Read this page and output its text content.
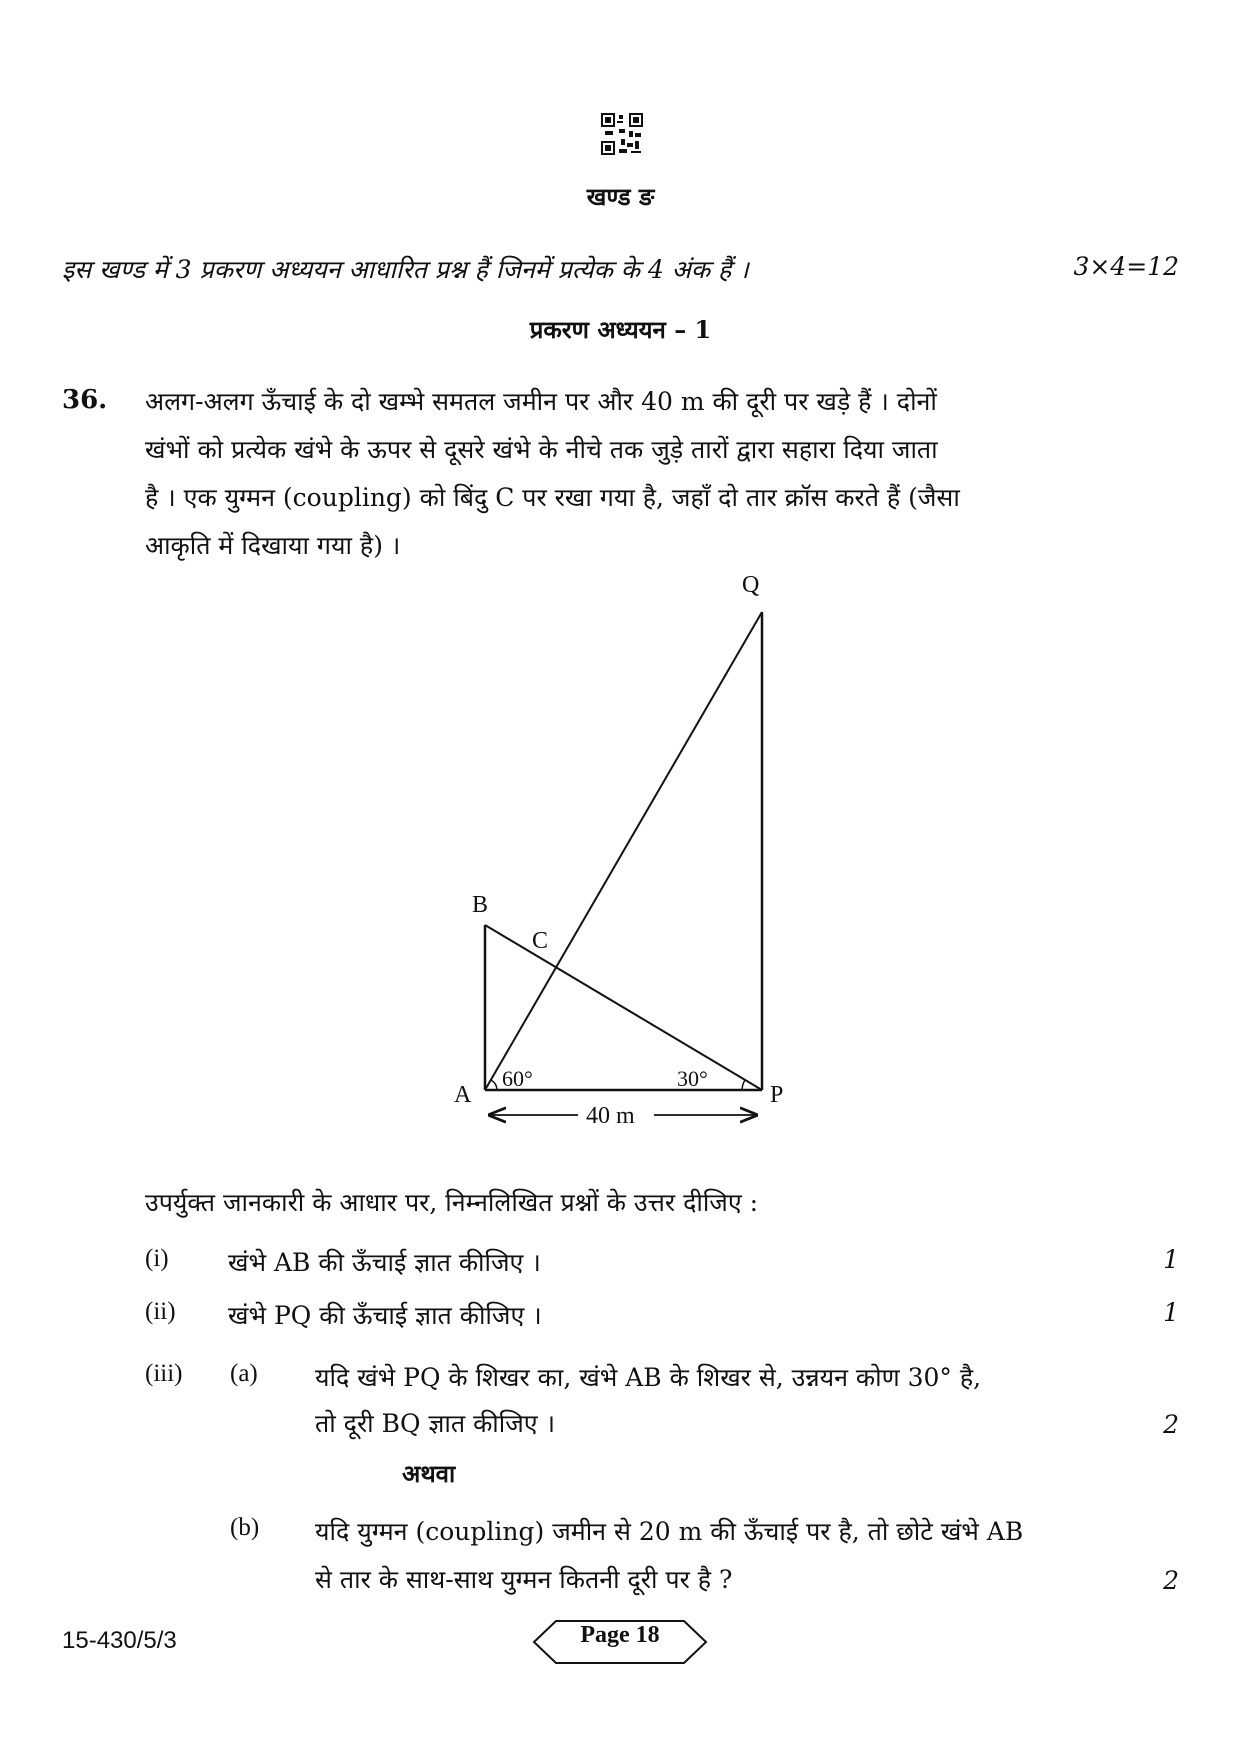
खण्ड ङ
इस खण्ड में 3 प्रकरण अध्ययन आधारित प्रश्न हैं जिनमें प्रत्येक के 4 अंक हैं ।	3×4=12
प्रकरण अध्ययन – 1
36. अलग-अलग ऊँचाई के दो खम्भे समतल जमीन पर और 40 m की दूरी पर खड़े हैं । दोनों
खंभों को प्रत्येक खंभे के ऊपर से दूसरे खंभे के नीचे तक जुड़े तारों द्वारा सहारा दिया जाता
है । एक युग्मन (coupling) को बिंदु C पर रखा गया है, जहाँ दो तार क्रॉस करते हैं (जैसा
आकृति में दिखाया गया है) ।
Q
B
C
A	P
60°	30°
40 m
उपर्युक्त जानकारी के आधार पर, निम्नलिखित प्रश्नों के उत्तर दीजिए :
(i) खंभे AB की ऊँचाई ज्ञात कीजिए ।	1
(ii) खंभे PQ की ऊँचाई ज्ञात कीजिए ।	1
(iii) (a) यदि खंभे PQ के शिखर का, खंभे AB के शिखर से, उन्नयन कोण 30° है,
तो दूरी BQ ज्ञात कीजिए ।	2
अथवा
(b) यदि युग्मन (coupling) जमीन से 20 m की ऊँचाई पर है, तो छोटे खंभे AB
से तार के साथ-साथ युग्मन कितनी दूरी पर है ?	2
15-430/5/3	Page 18
